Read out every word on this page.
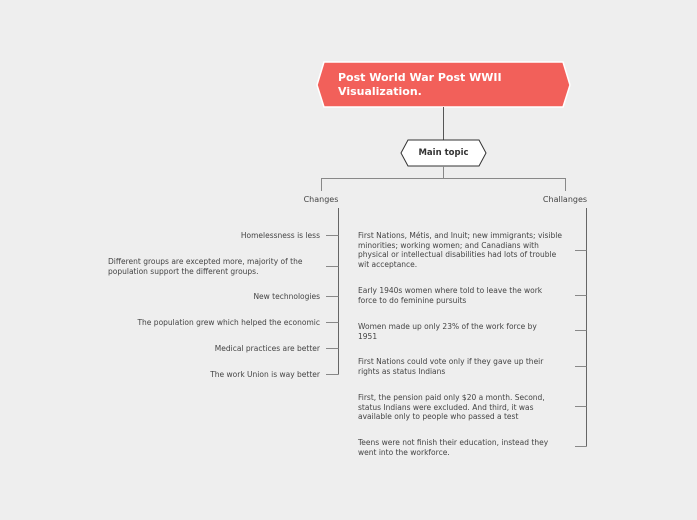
Post World War Post WWII Visualization.
Main topic
Changes	Challanges
Homelessness is less
Different groups are excepted more, majority of the population support the different groups.
New technologies
The population grew which helped the economic
Medical practices are better
The work Union is way better
First Nations, Métis, and Inuit; new immigrants; visible minorities; working women; and Canadians with physical or intellectual disabilities had lots of trouble wit acceptance.
Early 1940s women where told to leave the work force to do feminine pursuits
Women made up only 23% of the work force by 1951
First Nations could vote only if they gave up their rights as status Indians
First, the pension paid only $20 a month. Second, status Indians were excluded. And third, it was available only to people who passed a test
Teens were not finish their education, instead they went into the workforce.
